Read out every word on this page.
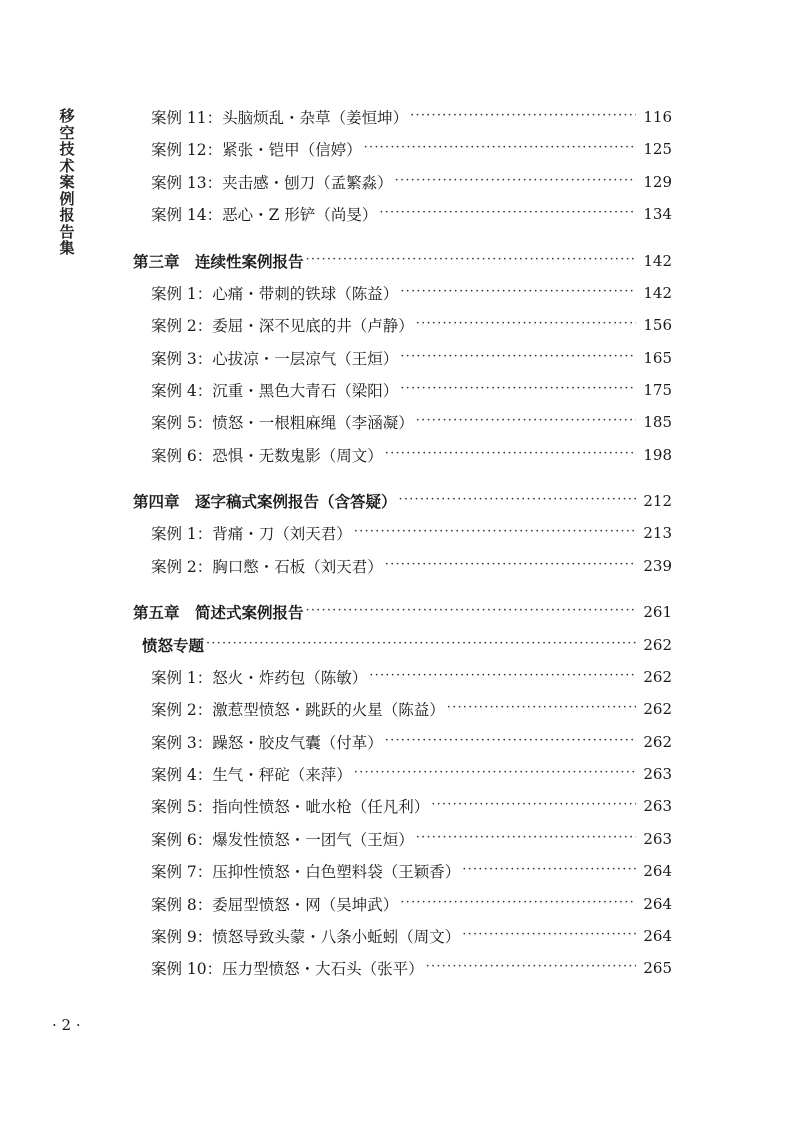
移空技术案例报告集
案例 11：头脑烦乱・杂草（姜恒坤） ·····	116
案例 12：紧张・铠甲（信婷） ·····	125
案例 13：夹击感・刨刀（孟繁淼） ·····	129
案例 14：恶心・Z 形铲（尚旻） ·····	134
第三章　连续性案例报告 ·····	142
案例 1：心痛・带刺的铁球（陈益） ·····	142
案例 2：委屈・深不见底的井（卢静） ·····	156
案例 3：心拔凉・一层凉气（王烜） ·····	165
案例 4：沉重・黑色大青石（梁阳） ·····	175
案例 5：愤怒・一根粗麻绳（李涵凝） ·····	185
案例 6：恐惧・无数鬼影（周文） ·····	198
第四章　逐字稿式案例报告（含答疑） ·····	212
案例 1：背痛・刀（刘天君） ·····	213
案例 2：胸口憋・石板（刘天君） ·····	239
第五章　简述式案例报告 ·····	261
愤怒专题 ·····	262
案例 1：怒火・炸药包（陈敏） ·····	262
案例 2：激惹型愤怒・跳跃的火星（陈益） ·····	262
案例 3：躁怒・胶皮气囊（付革） ·····	262
案例 4：生气・秤砣（来萍） ·····	263
案例 5：指向性愤怒・呲水枪（任凡利） ·····	263
案例 6：爆发性愤怒・一团气（王烜） ·····	263
案例 7：压抑性愤怒・白色塑料袋（王颖香） ·····	264
案例 8：委屈型愤怒・网（吴坤武） ·····	264
案例 9：愤怒导致头蒙・八条小蚯蚓（周文） ·····	264
案例 10：压力型愤怒・大石头（张平） ·····	265
· 2 ·
